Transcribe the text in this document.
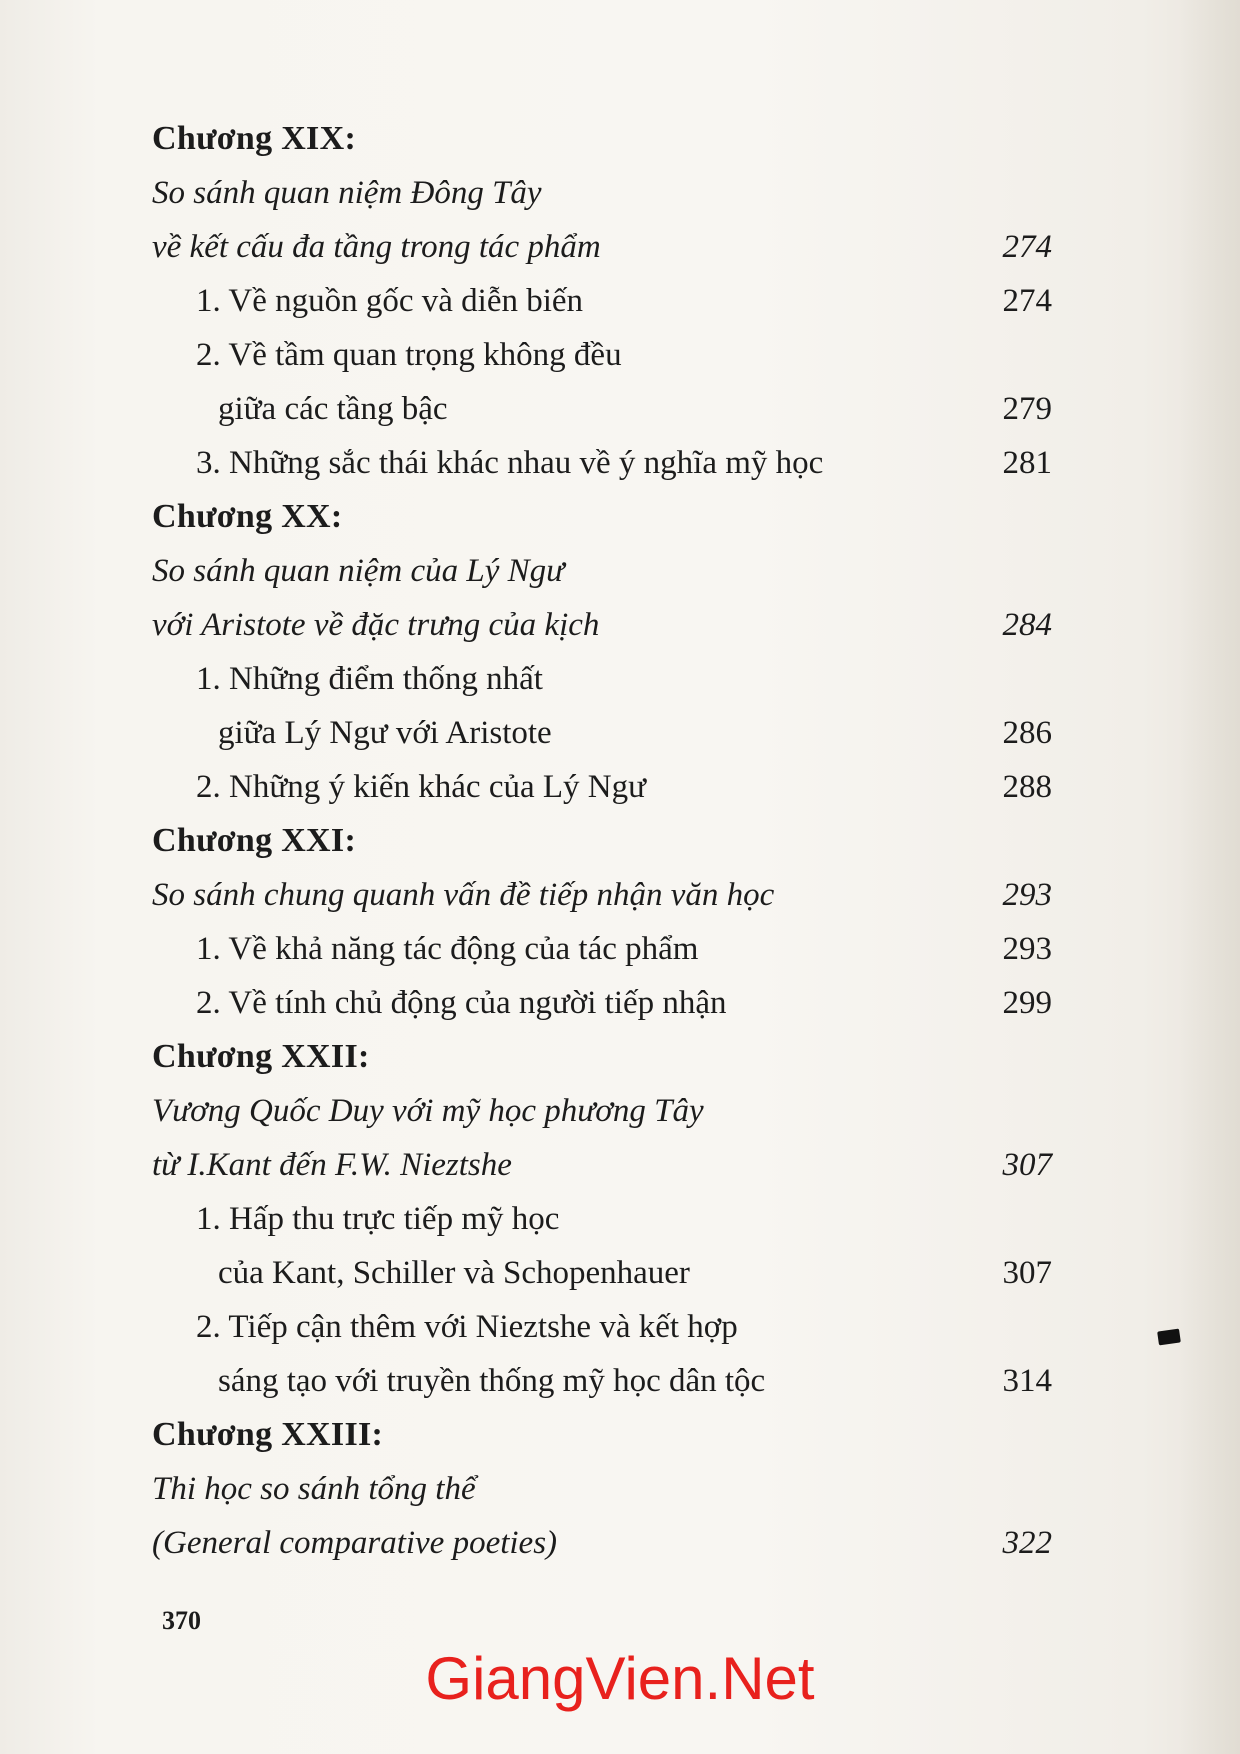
Chương XIX:
So sánh quan niệm Đông Tây
về kết cấu đa tầng trong tác phẩm	274
1. Về nguồn gốc và diễn biến	274
2. Về tầm quan trọng không đều
giữa các tầng bậc	279
3. Những sắc thái khác nhau về ý nghĩa mỹ học	281
Chương XX:
So sánh quan niệm của Lý Ngư
với Aristote về đặc trưng của kịch	284
1. Những điểm thống nhất
giữa Lý Ngư với Aristote	286
2. Những ý kiến khác của Lý Ngư	288
Chương XXI:
So sánh chung quanh vấn đề tiếp nhận văn học	293
1. Về khả năng tác động của tác phẩm	293
2. Về tính chủ động của người tiếp nhận	299
Chương XXII:
Vương Quốc Duy với mỹ học phương Tây
từ I.Kant đến F.W. Nieztshe	307
1. Hấp thu trực tiếp mỹ học
của Kant, Schiller và Schopenhauer	307
2. Tiếp cận thêm với Nieztshe và kết hợp
sáng tạo với truyền thống mỹ học dân tộc	314
Chương XXIII:
Thi học so sánh tổng thể
(General comparative poeties)	322
370
GiangVien.Net
